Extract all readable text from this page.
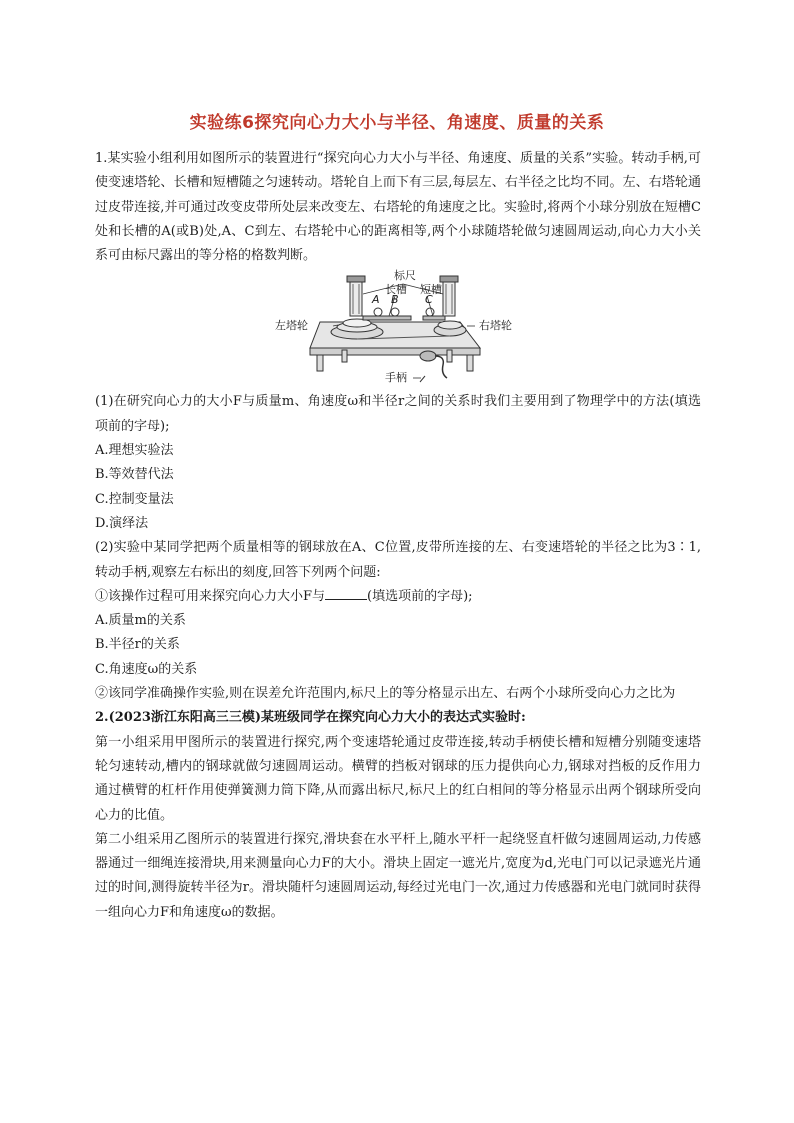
实验练6探究向心力大小与半径、角速度、质量的关系

1.某实验小组利用如图所示的装置进行“探究向心力大小与半径、角速度、质量的关系”实验。转动手柄,可使变速塔轮、长槽和短槽随之匀速转动。塔轮自上而下有三层,每层左、右半径之比均不同。左、右塔轮通过皮带连接,并可通过改变皮带所处层来改变左、右塔轮的角速度之比。实验时,将两个小球分别放在短槽C处和长槽的A(或B)处,A、C到左、右塔轮中心的距离相等,两个小球随塔轮做匀速圆周运动,向心力大小关系可由标尺露出的等分格的格数判断。

标尺
长槽 短槽
A B C
左塔轮	右塔轮
手柄

(1)在研究向心力的大小F与质量m、角速度ω和半径r之间的关系时我们主要用到了物理学中的方法(填选项前的字母);

A.理想实验法

B.等效替代法

C.控制变量法

D.演绎法

(2)实验中某同学把两个质量相等的钢球放在A、C位置,皮带所连接的左、右变速塔轮的半径之比为3∶1,转动手柄,观察左右标出的刻度,回答下列两个问题:

①该操作过程可用来探究向心力大小F与	(填选项前的字母);

A.质量m的关系

B.半径r的关系

C.角速度ω的关系

②该同学准确操作实验,则在误差允许范围内,标尺上的等分格显示出左、右两个小球所受向心力之比为

2.(2023浙江东阳高三三模)某班级同学在探究向心力大小的表达式实验时:

第一小组采用甲图所示的装置进行探究,两个变速塔轮通过皮带连接,转动手柄使长槽和短槽分别随变速塔轮匀速转动,槽内的钢球就做匀速圆周运动。横臂的挡板对钢球的压力提供向心力,钢球对挡板的反作用力通过横臂的杠杆作用使弹簧测力筒下降,从而露出标尺,标尺上的红白相间的等分格显示出两个钢球所受向心力的比值。

第二小组采用乙图所示的装置进行探究,滑块套在水平杆上,随水平杆一起绕竖直杆做匀速圆周运动,力传感器通过一细绳连接滑块,用来测量向心力F的大小。滑块上固定一遮光片,宽度为d,光电门可以记录遮光片通过的时间,测得旋转半径为r。滑块随杆匀速圆周运动,每经过光电门一次,通过力传感器和光电门就同时获得一组向心力F和角速度ω的数据。
